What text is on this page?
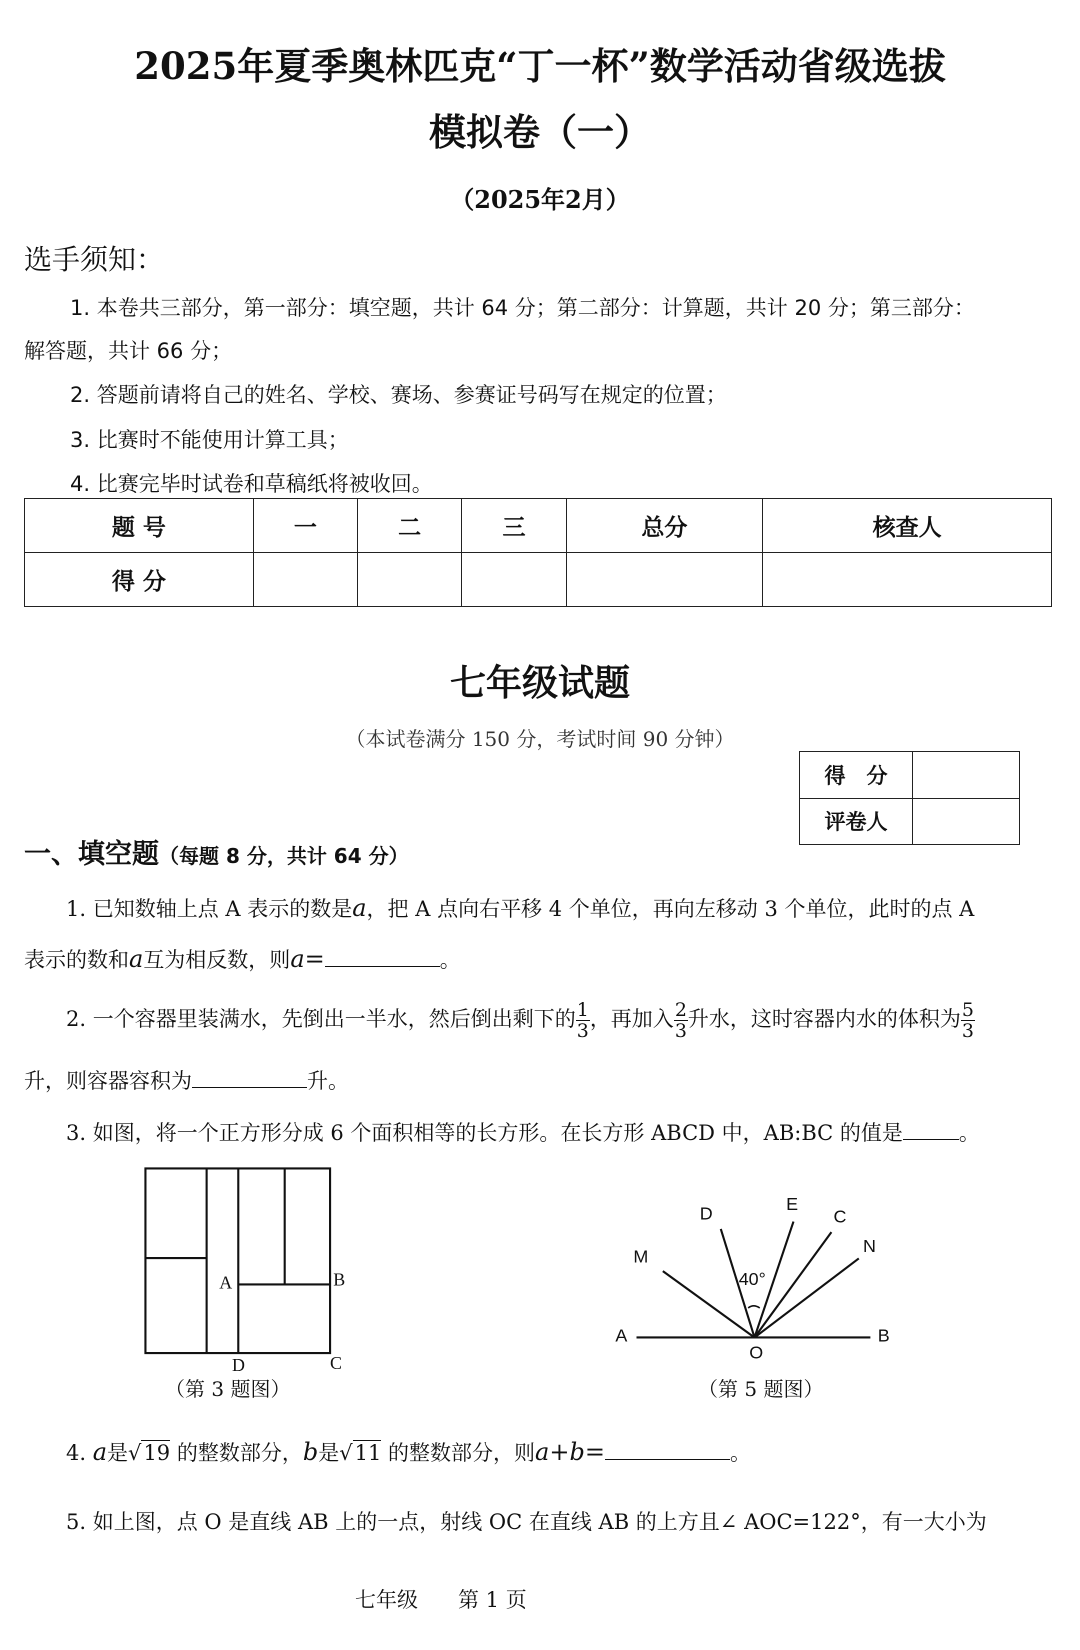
2025年夏季奥林匹克“丁一杯”数学活动省级选拔
模拟卷（一）
（2025年2月）
选手须知：
1. 本卷共三部分，第一部分：填空题，共计 64 分；第二部分：计算题，共计 20 分；第三部分：
解答题，共计 66 分；
2. 答题前请将自己的姓名、学校、赛场、参赛证号码写在规定的位置；
3. 比赛时不能使用计算工具；
4. 比赛完毕时试卷和草稿纸将被收回。
题 号	一	二	三	总分	核查人
得 分					
七年级试题
（本试卷满分 150 分，考试时间 90 分钟）
得　分	
评卷人	
一、填空题（每题 8 分，共计 64 分）
1. 已知数轴上点 A 表示的数是a，把 A 点向右平移 4 个单位，再向左移动 3 个单位，此时的点 A
表示的数和a互为相反数，则a=	。
2. 一个容器里装满水，先倒出一半水，然后倒出剩下的 $\frac{1}{3}$ ，再加入 $\frac{2}{3}$ 升水，这时容器内水的体积为 $\frac{5}{3}$
升，则容器容积为	升。
3. 如图，将一个正方形分成 6 个面积相等的长方形。在长方形 ABCD 中，AB:BC 的值是	。
A	B
D	C
（第 3 题图）
40°
A	B
O
M
D	E
C
N
（第 5 题图）
4. a是√19 的整数部分，b是√11 的整数部分，则a+b=	。
5. 如上图，点 O 是直线 AB 上的一点，射线 OC 在直线 AB 的上方且∠ AOC=122°，有一大小为
七年级 第 1 页
